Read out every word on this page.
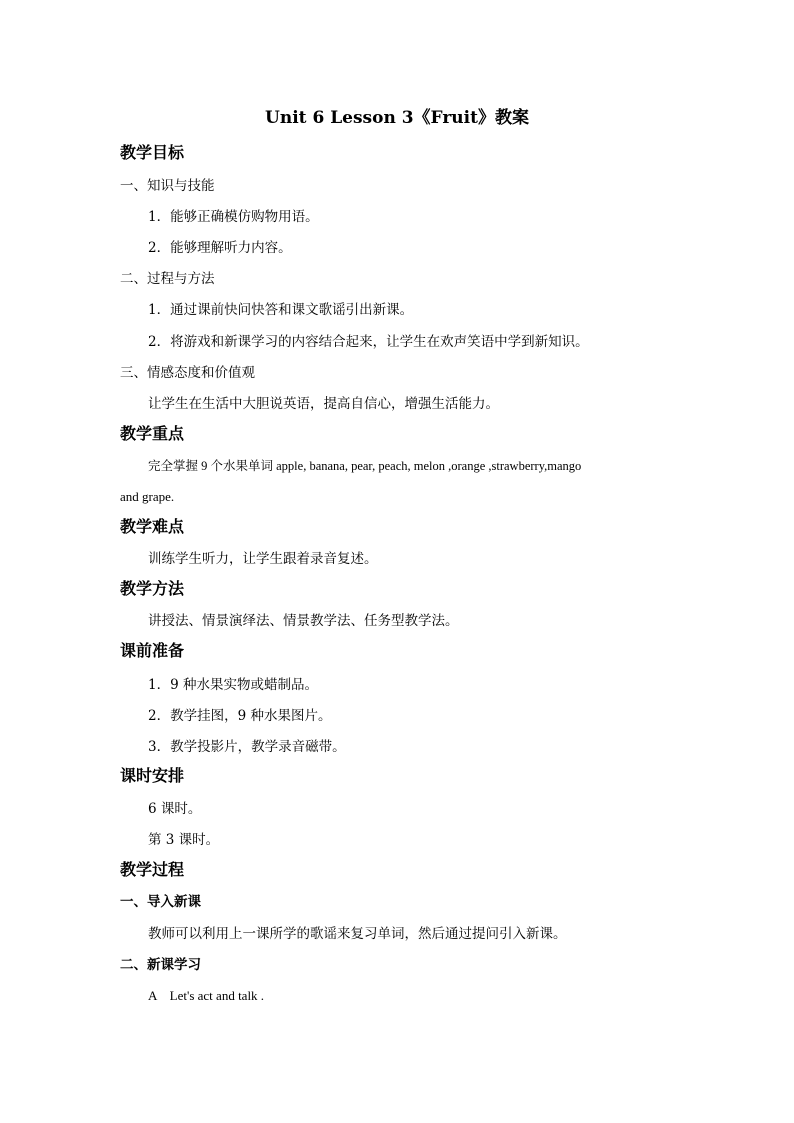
Unit 6 Lesson 3《Fruit》教案
教学目标
一、知识与技能
1．能够正确模仿购物用语。
2．能够理解听力内容。
二、过程与方法
1．通过课前快问快答和课文歌谣引出新课。
2．将游戏和新课学习的内容结合起来，让学生在欢声笑语中学到新知识。
三、情感态度和价值观
让学生在生活中大胆说英语，提高自信心，增强生活能力。
教学重点
完全掌握 9 个水果单词 apple, banana, pear, peach, melon ,orange ,strawberry,mango
and grape.
教学难点
训练学生听力，让学生跟着录音复述。
教学方法
讲授法、情景演绎法、情景教学法、任务型教学法。
课前准备
1．9 种水果实物或蜡制品。
2．教学挂图，9 种水果图片。
3．教学投影片，教学录音磁带。
课时安排
6 课时。
第 3 课时。
教学过程
一、导入新课
教师可以利用上一课所学的歌谣来复习单词，然后通过提问引入新课。
二、新课学习
A　Let's act and talk .
